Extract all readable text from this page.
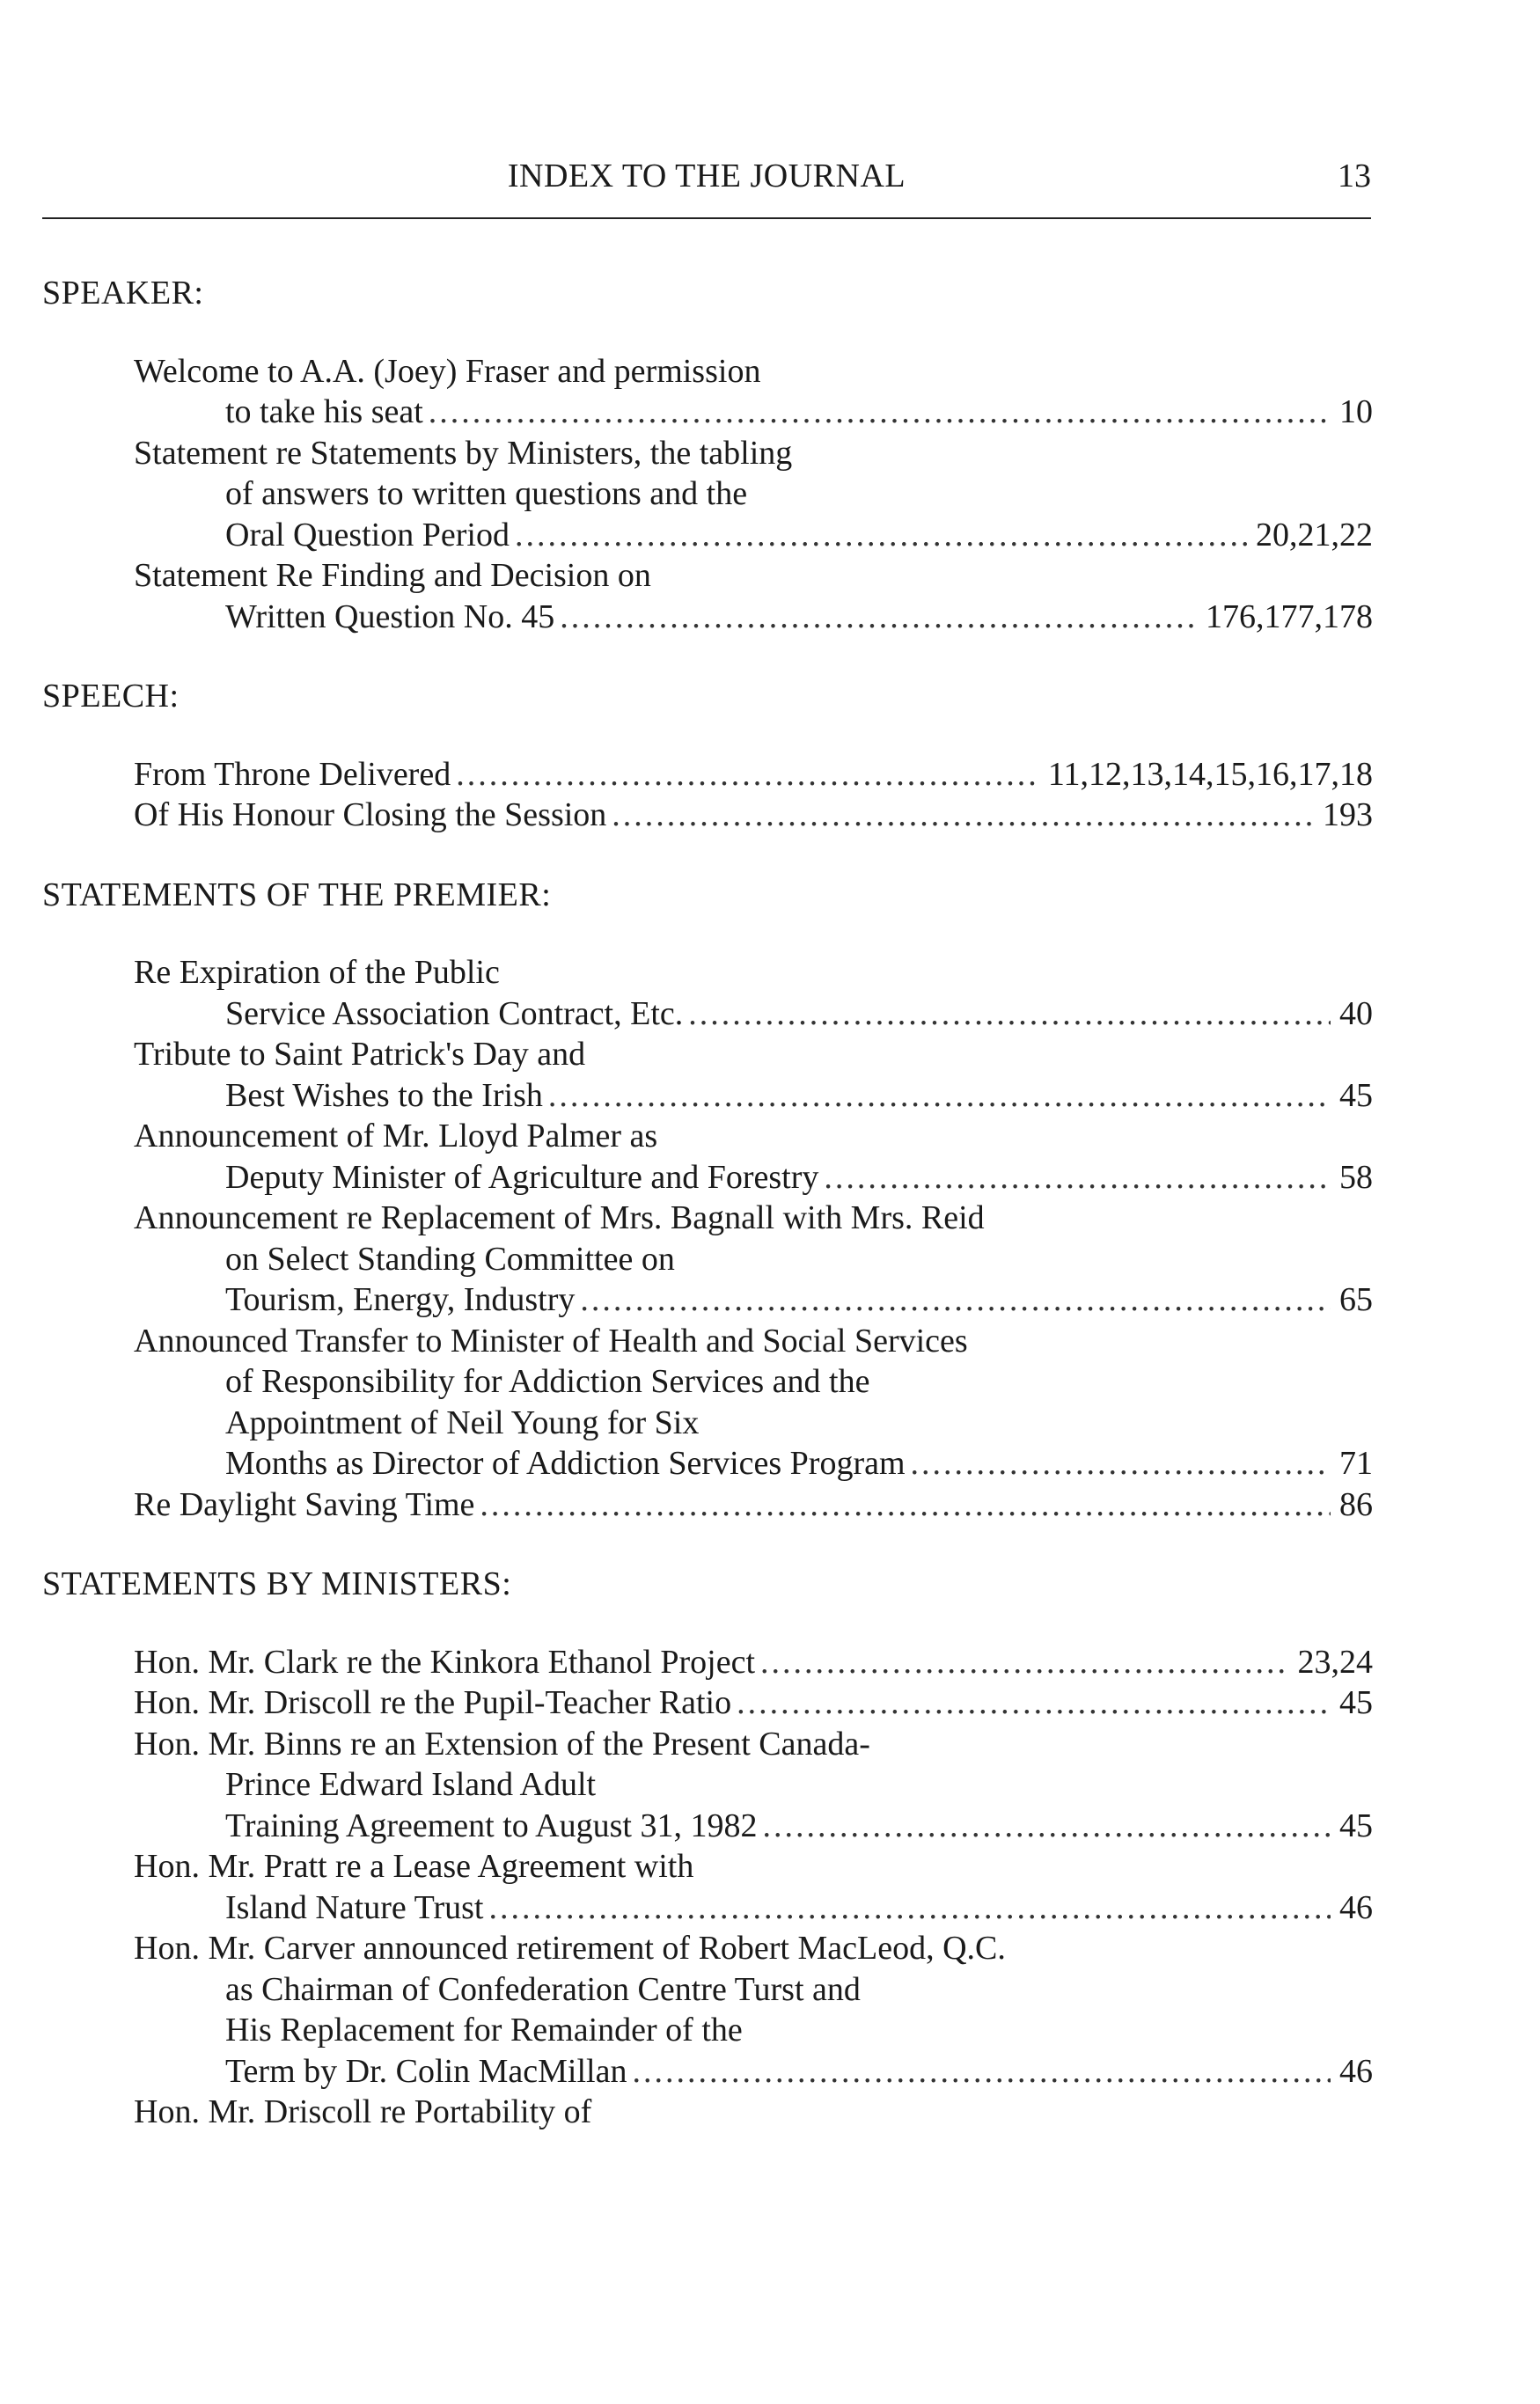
INDEX TO THE JOURNAL	13
SPEAKER:
Welcome to A.A. (Joey) Fraser and permission
to take his seat .....	10
Statement re Statements by Ministers, the tabling
of answers to written questions and the
Oral Question Period .....	20,21,22
Statement Re Finding and Decision on
Written Question No. 45 .....	176,177,178
SPEECH:
From Throne Delivered .....	11,12,13,14,15,16,17,18
Of His Honour Closing the Session .....	193
STATEMENTS OF THE PREMIER:
Re Expiration of the Public
Service Association Contract, Etc. .....	40
Tribute to Saint Patrick's Day and
Best Wishes to the Irish .....	45
Announcement of Mr. Lloyd Palmer as
Deputy Minister of Agriculture and Forestry .....	58
Announcement re Replacement of Mrs. Bagnall with Mrs. Reid
on Select Standing Committee on
Tourism, Energy, Industry .....	65
Announced Transfer to Minister of Health and Social Services
of Responsibility for Addiction Services and the
Appointment of Neil Young for Six
Months as Director of Addiction Services Program .....	71
Re Daylight Saving Time .....	86
STATEMENTS BY MINISTERS:
Hon. Mr. Clark re the Kinkora Ethanol Project .....	23,24
Hon. Mr. Driscoll re the Pupil-Teacher Ratio .....	45
Hon. Mr. Binns re an Extension of the Present Canada-
Prince Edward Island Adult
Training Agreement to August 31, 1982 .....	45
Hon. Mr. Pratt re a Lease Agreement with
Island Nature Trust .....	46
Hon. Mr. Carver announced retirement of Robert MacLeod, Q.C.
as Chairman of Confederation Centre Turst and
His Replacement for Remainder of the
Term by Dr. Colin MacMillan .....	46
Hon. Mr. Driscoll re Portability of
